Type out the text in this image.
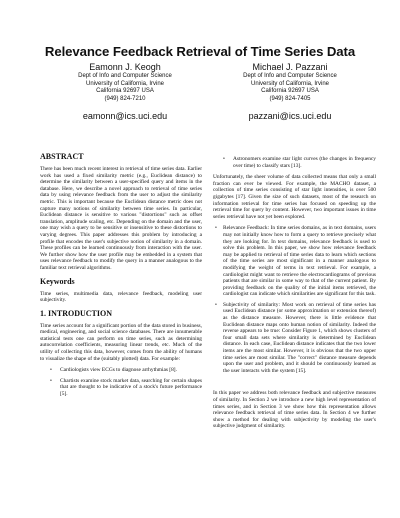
Relevance Feedback Retrieval of Time Series Data
Eamonn J. Keogh
Dept of Info and Computer Science
University of California, Irvine
California 92697 USA
(949) 824-7210
eamonn@ics.uci.edu
Michael J. Pazzani
Dept of Info and Computer Science
University of California, Irvine
California 92697 USA
(949) 824-7405
pazzani@ics.uci.edu
ABSTRACT

There has been much recent interest in retrieval of time series data. Earlier work has used a fixed similarity metric (e.g., Euclidean distance) to determine the similarity between a user-specified query and items in the database. Here, we describe a novel approach to retrieval of time series data by using relevance feedback from the user to adjust the similarity metric. This is important because the Euclidean distance metric does not capture many notions of similarity between time series. In particular, Euclidean distance is sensitive to various "distortions" such as offset translation, amplitude scaling, etc. Depending on the domain and the user, one may wish a query to be sensitive or insensitive to these distortions to varying degrees. This paper addresses this problem by introducing a profile that encodes the user's subjective notion of similarity in a domain. These profiles can be learned continuously from interaction with the user. We further show how the user profile may be embedded in a system that uses relevance feedback to modify the query in a manner analogous to the familiar text retrieval algorithms.

Keywords

Time series, multimedia data, relevance feedback, modeling user subjectivity.

1. INTRODUCTION

Time series account for a significant portion of the data stored in business, medical, engineering, and social science databases. There are innumerable statistical tests one can perform on time series, such as determining autocorrelation coefficients, measuring linear trends, etc. Much of the utility of collecting this data, however, comes from the ability of humans to visualize the shape of the (suitably plotted) data. For example:

• Cardiologists view ECGs to diagnose arrhythmias [8].
• Chartists examine stock market data, searching for certain shapes that are thought to be indicative of a stock's future performance [5].
• Astronomers examine star light curves (the changes in frequency over time) to classify stars [13].

Unfortunately, the sheer volume of data collected means that only a small fraction can ever be viewed. For example, the MACHO dataset, a collection of time series consisting of star light intensities, is over 500 gigabytes [17]. Given the size of such datasets, most of the research on information retrieval for time series has focused on speeding up the retrieval time for query by content. However, two important issues in time series retrieval have not yet been explored.

• Relevance Feedback: In time series domains, as in text domains, users may not initially know how to form a query to retrieve precisely what they are looking for. In text domains, relevance feedback is used to solve this problem. In this paper, we show how relevance feedback may be applied to retrieval of time series data to learn which sections of the time series are most significant in a manner analogous to modifying the weight of terms in text retrieval. For example, a cardiologist might want to retrieve the electrocardiograms of previous patients that are similar in some way to that of the current patient. By providing feedback on the quality of the initial items retrieved, the cardiologist can indicate which similarities are significant for this task.
• Subjectivity of similarity: Most work on retrieval of time series has used Euclidean distance (or some approximation or extension thereof) as the distance measure. However, there is little evidence that Euclidean distance maps onto human notion of similarity. Indeed the reverse appears to be true: Consider Figure 1, which shows clusters of four small data sets where similarity is determined by Euclidean distance. In each case, Euclidean distance indicates that the two lower items are the most similar. However, it is obvious that the two upper time series are most similar. The "correct" distance measure depends upon the user and problem, and it should be continuously learned as the user interacts with the system [15].

In this paper we address both relevance feedback and subjective measures of similarity. In Section 2 we introduce a new high level representation of times series, and in Section 3 we show how this representation allows relevance feedback retrieval of time series data. In Section 4 we further show a method for dealing with subjectivity by modeling the user's subjective judgment of similarity.
